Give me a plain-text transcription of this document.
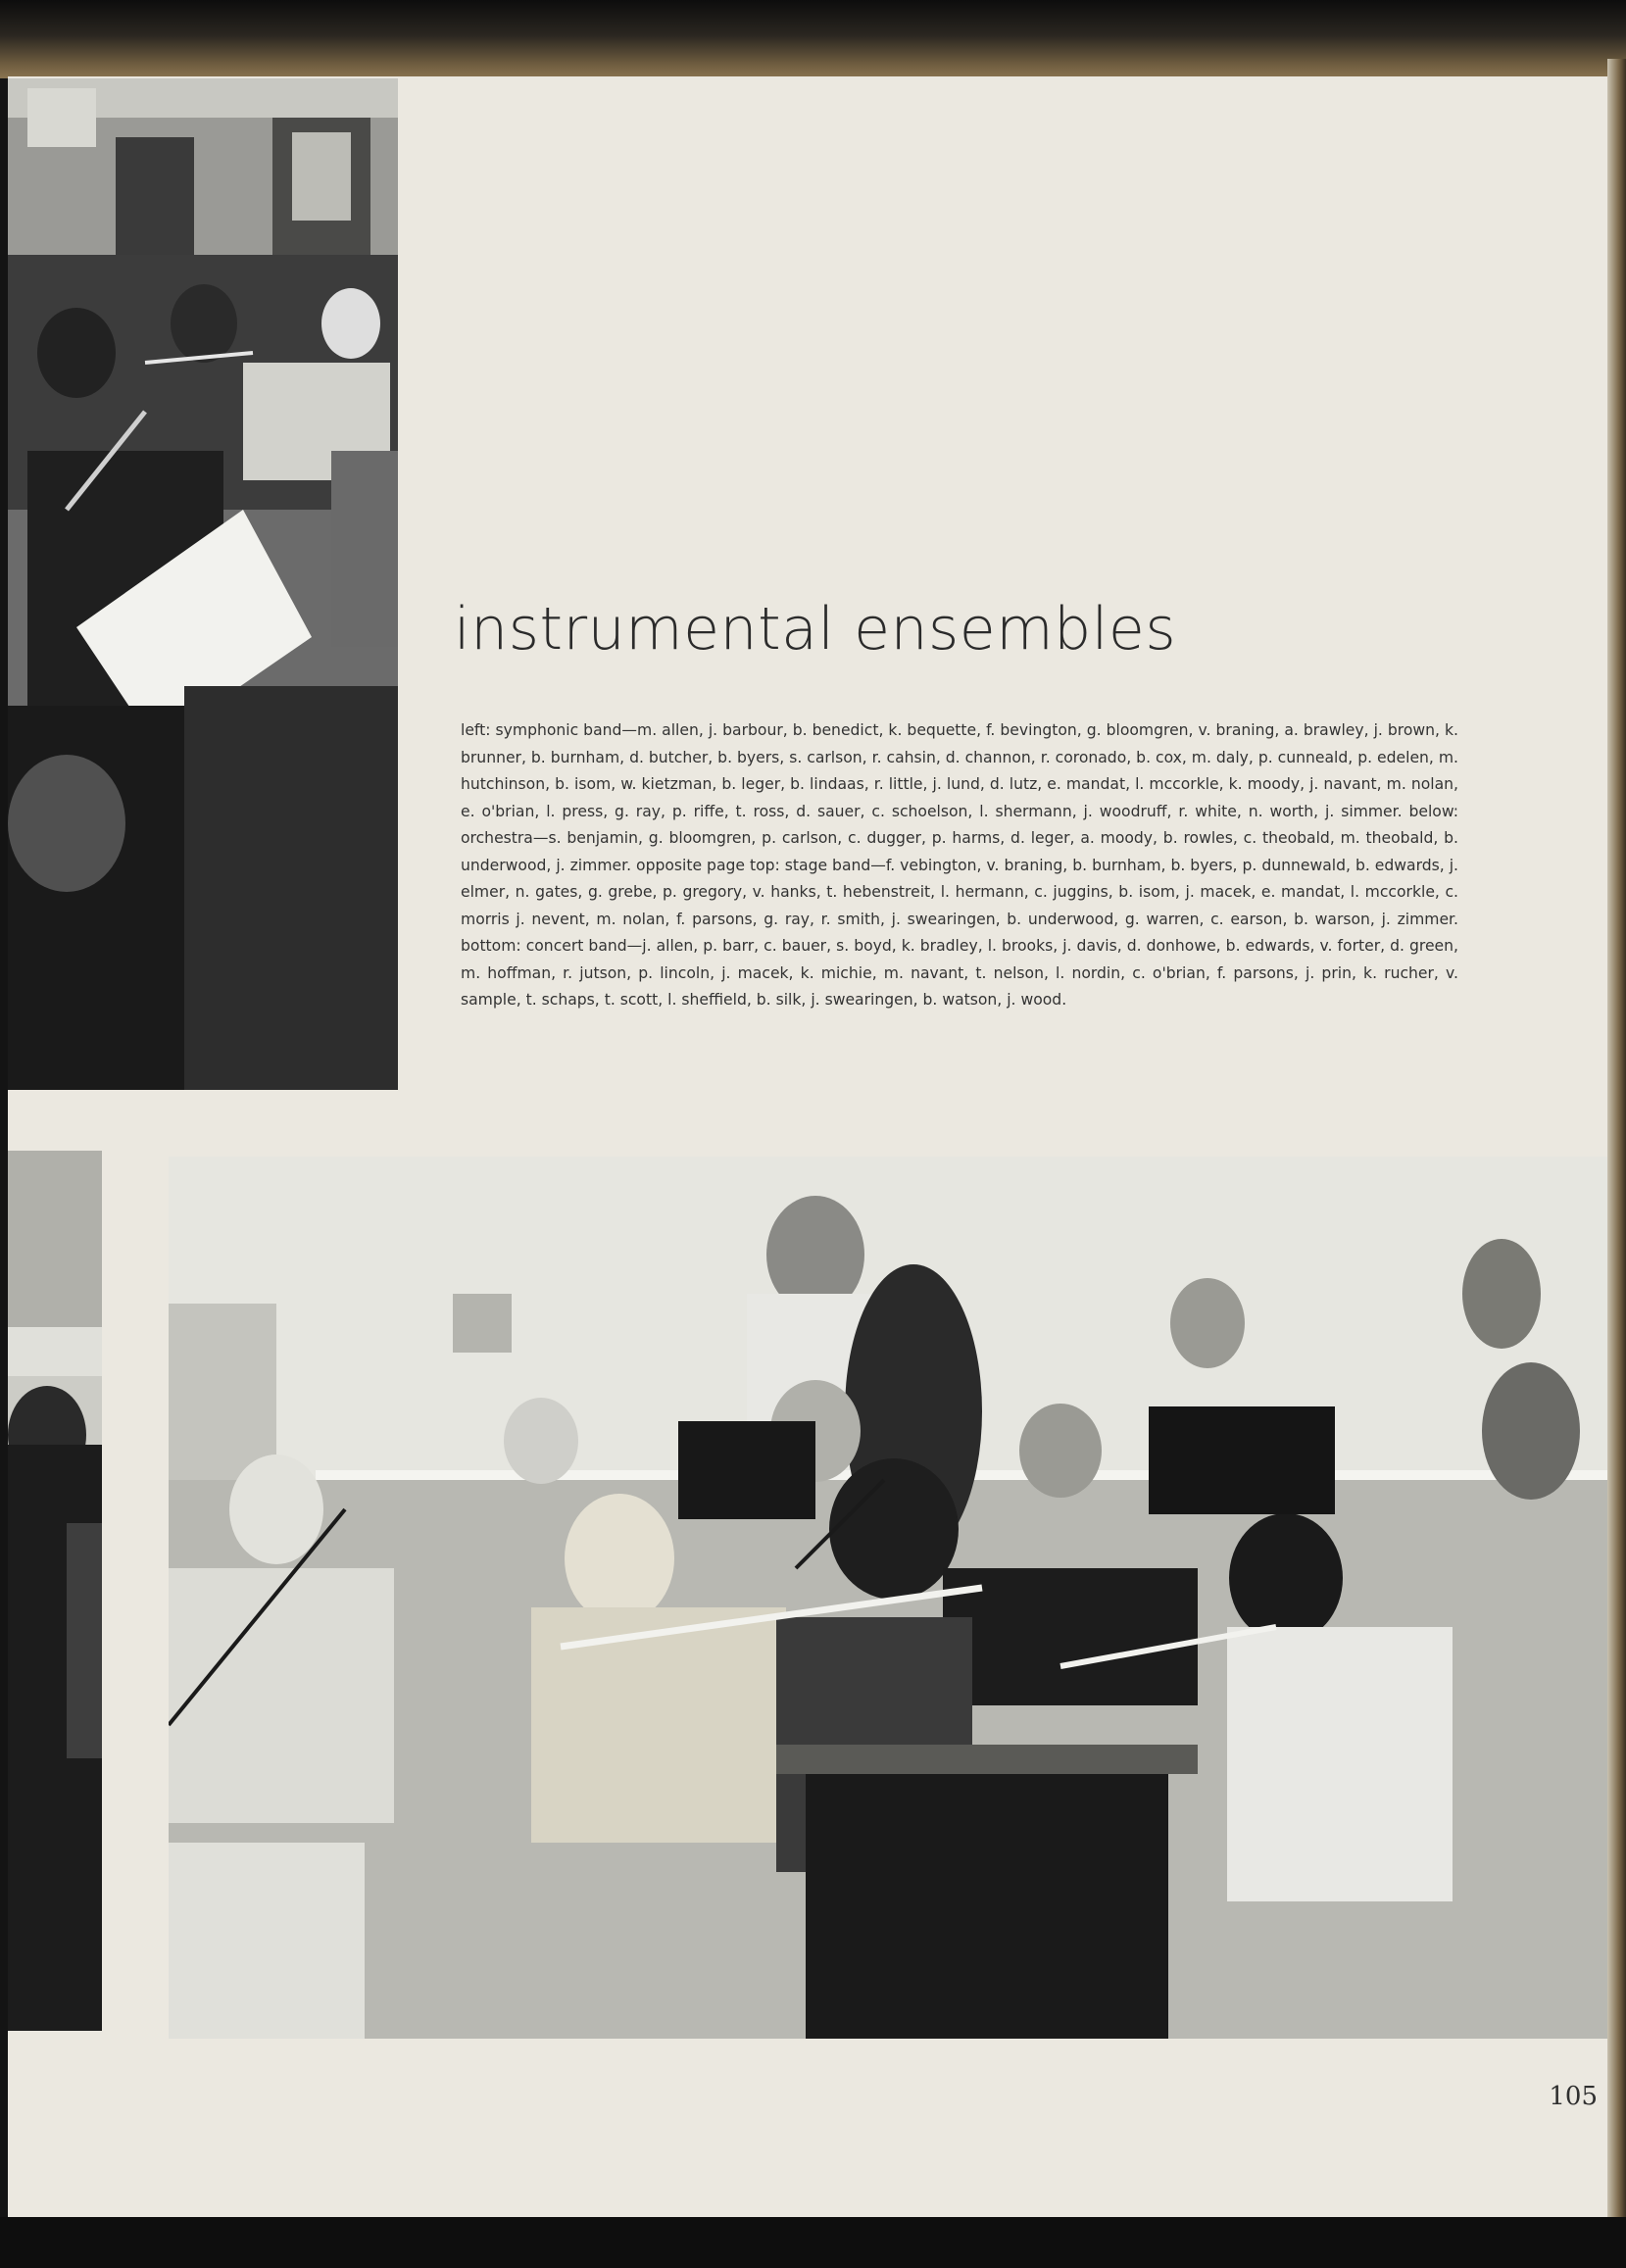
instrumental ensembles

left: symphonic band—m. allen, j. barbour, b. benedict, k. bequette, f. bevington, g. bloomgren, v. braning, a. brawley, j. brown, k. brunner, b. burnham, d. butcher, b. byers, s. carlson, r. cahsin, d. channon, r. coronado, b. cox, m. daly, p. cunneald, p. edelen, m. hutchinson, b. isom, w. kietzman, b. leger, b. lindaas, r. little, j. lund, d. lutz, e. mandat, l. mccorkle, k. moody, j. navant, m. nolan, e. o'brian, l. press, g. ray, p. riffe, t. ross, d. sauer, c. schoelson, l. shermann, j. woodruff, r. white, n. worth, j. simmer. below: orchestra—s. benjamin, g. bloomgren, p. carlson, c. dugger, p. harms, d. leger, a. moody, b. rowles, c. theobald, m. theobald, b. underwood, j. zimmer. opposite page top: stage band—f. vebington, v. braning, b. burnham, b. byers, p. dunnewald, b. edwards, j. elmer, n. gates, g. grebe, p. gregory, v. hanks, t. hebenstreit, l. hermann, c. juggins, b. isom, j. macek, e. mandat, l. mccorkle, c. morris j. nevent, m. nolan, f. parsons, g. ray, r. smith, j. swearingen, b. underwood, g. warren, c. earson, b. warson, j. zimmer. bottom: concert band—j. allen, p. barr, c. bauer, s. boyd, k. bradley, l. brooks, j. davis, d. donhowe, b. edwards, v. forter, d. green, m. hoffman, r. jutson, p. lincoln, j. macek, k. michie, m. navant, t. nelson, l. nordin, c. o'brian, f. parsons, j. prin, k. rucher, v. sample, t. schaps, t. scott, l. sheffield, b. silk, j. swearingen, b. watson, j. wood.

105
